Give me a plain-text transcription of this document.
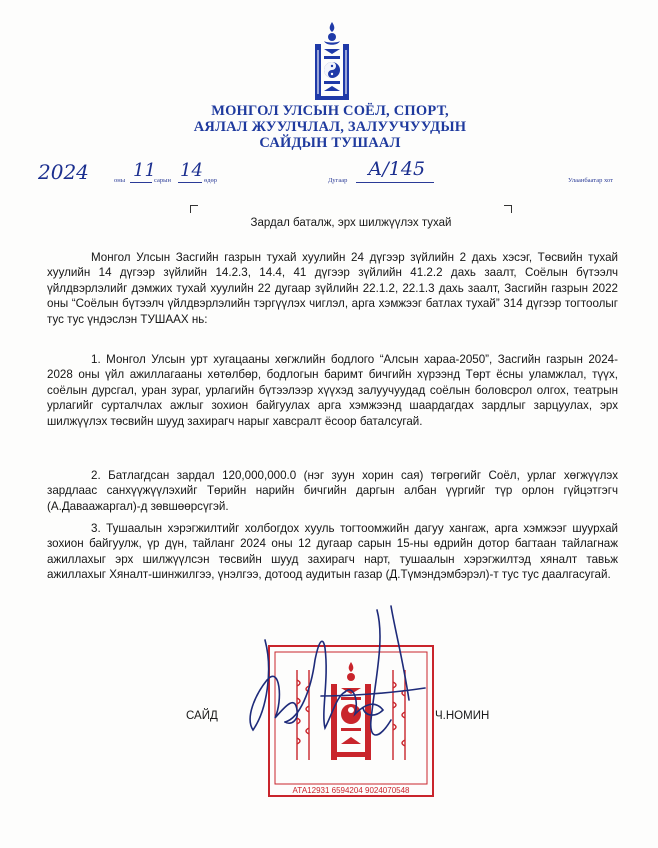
МОНГОЛ УЛСЫН СОЁЛ, СПОРТ,
АЯЛАЛ ЖУУЛЧЛАЛ, ЗАЛУУЧУУДЫН
САЙДЫН ТУШААЛ
2024	оны 11
сарын 14 өдөр	Дугаар
А/145
Улаанбаатар хот
Зардал баталж, эрх шилжүүлэх тухай

Монгол Улсын Засгийн газрын тухай хуулийн 24 дүгээр зүйлийн 2 дахь хэсэг, Төсвийн тухай хуулийн 14 дүгээр зүйлийн 14.2.3, 14.4, 41 дүгээр зүйлийн 41.2.2 дахь заалт, Соёлын бүтээлч үйлдвэрлэлийг дэмжих тухай хуулийн 22 дугаар зүйлийн 22.1.2, 22.1.3 дахь заалт, Засгийн газрын 2022 оны “Соёлын бүтээлч үйлдвэрлэлийн тэргүүлэх чиглэл, арга хэмжээг батлах тухай” 314 дүгээр тогтоолыг тус тус үндэслэн ТУШААХ нь:

1. Монгол Улсын урт хугацааны хөгжлийн бодлого “Алсын хараа-2050”, Засгийн газрын 2024-2028 оны үйл ажиллагааны хөтөлбөр, бодлогын баримт бичгийн хүрээнд Төрт ёсны уламжлал, түүх, соёлын дурсгал, уран зураг, урлагийн бүтээлээр хүүхэд залуучуудад соёлын боловсрол олгох, театрын урлагийг сурталчлах ажлыг зохион байгуулах арга хэмжээнд шаардагдах зардлыг зарцуулах, эрх шилжүүлэх төсвийн шууд захирагч нарыг хавсралт ёсоор баталсугай.

2. Батлагдсан зардал 120,000,000.0 (нэг зуун хорин сая) төгрөгийг Соёл, урлаг хөгжүүлэх зардлаас санхүүжүүлэхийг Төрийн нарийн бичгийн даргын албан үүргийг түр орлон гүйцэтгэгч (А.Даваажаргал)-д зөвшөөрсүгэй.

3. Тушаалын хэрэгжилтийг холбогдох хууль тогтоомжийн дагуу хангаж, арга хэмжээг шуурхай зохион байгуулж, үр дүн, тайланг 2024 оны 12 дугаар сарын 15-ны өдрийн дотор багтаан тайлагнаж ажиллахыг эрх шилжүүлсэн төсвийн шууд захирагч нарт, тушаалын хэрэгжилтэд хяналт тавьж ажиллахыг Хяналт-шинжилгээ, үнэлгээ, дотоод аудитын газар (Д.Түмэндэмбэрэл)-т тус тус даалгасугай.

АТА12931 6594204 9024070548
САЙД	Ч.НОМИН
